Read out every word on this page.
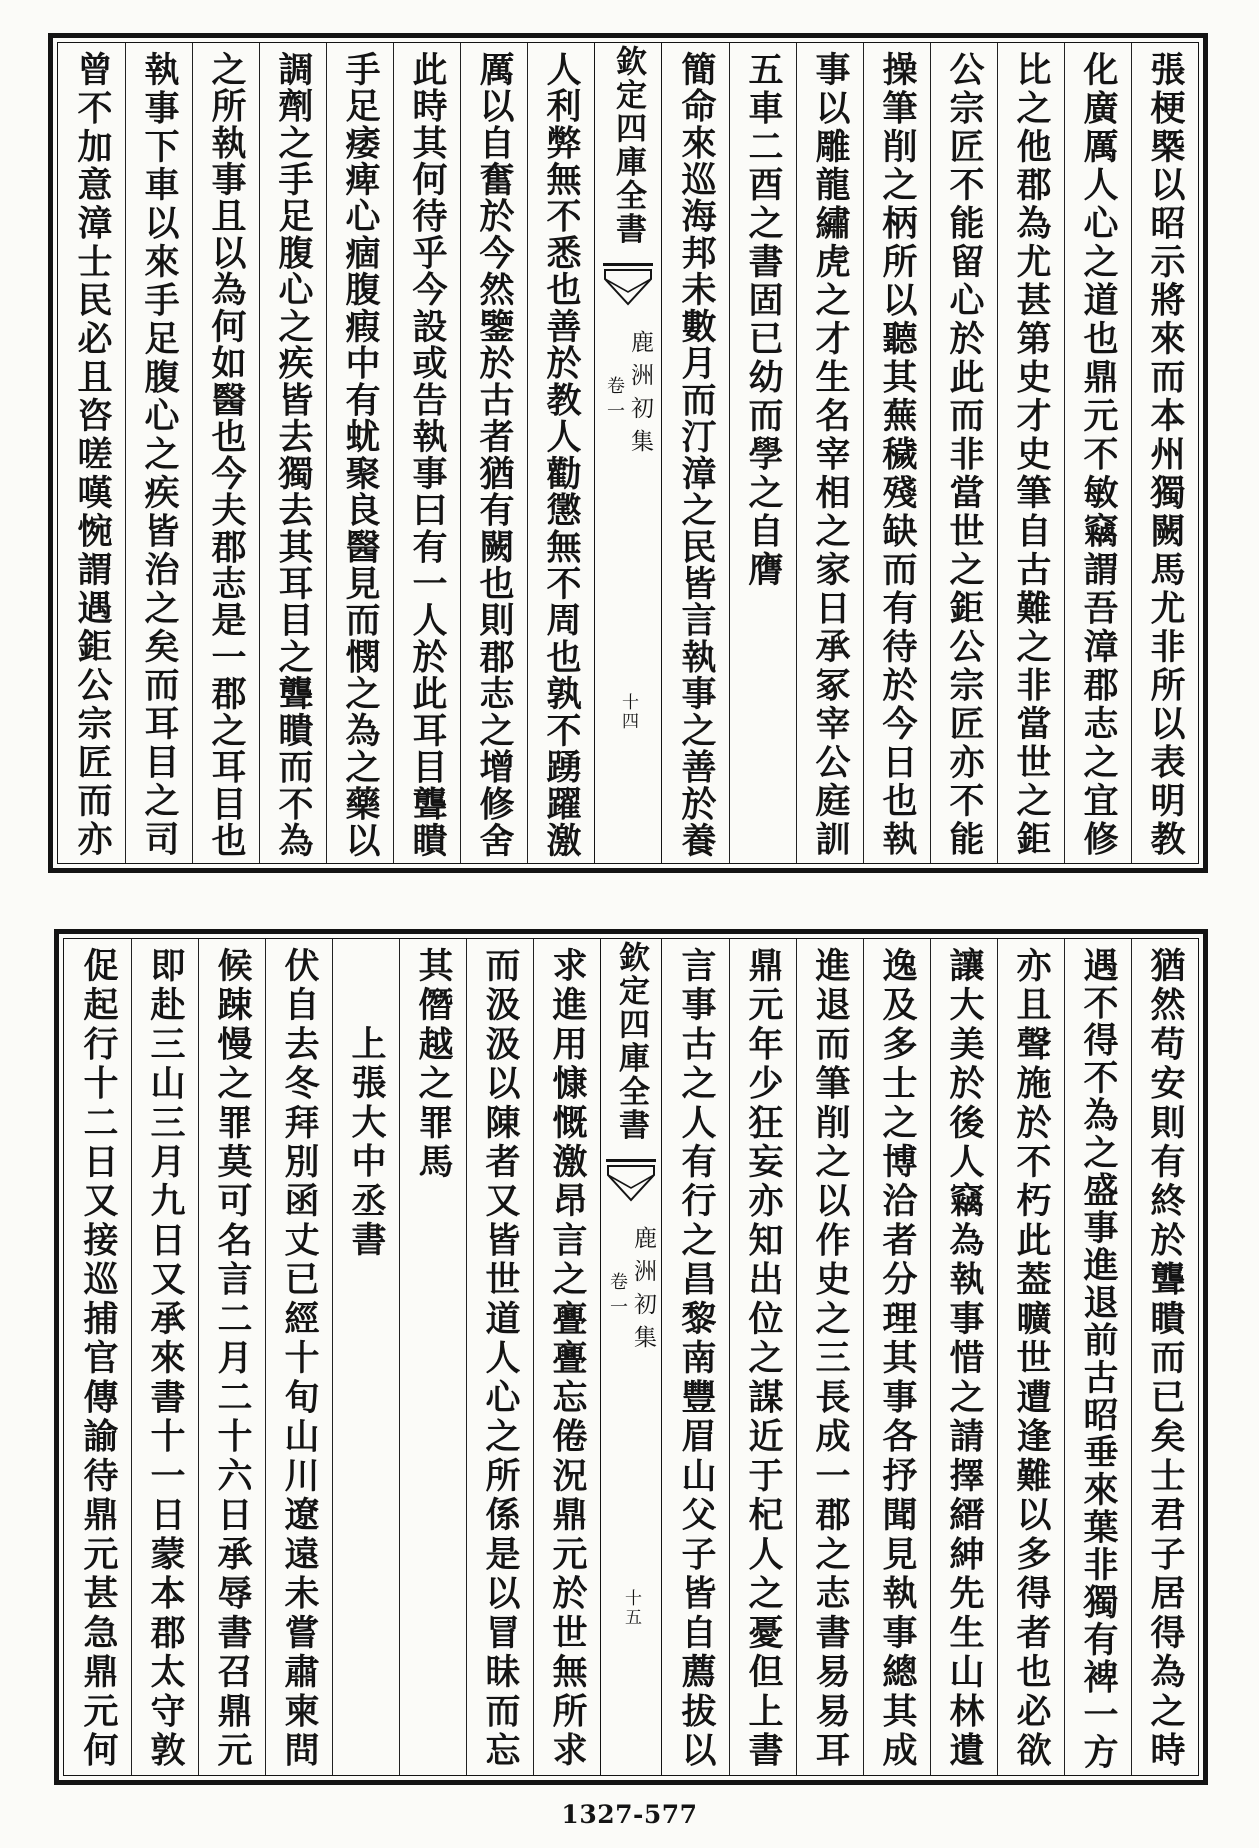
張梗槩以昭示將來而本州獨闕馬尤非所以表明教
化廣厲人心之道也鼎元不敏竊謂吾漳郡志之宜修
比之他郡為尤甚第史才史筆自古難之非當世之鉅
公宗匠不能留心於此而非當世之鉅公宗匠亦不能
操筆削之柄所以聽其蕪穢殘缺而有待於今日也執
事以雕龍繡虎之才生名宰相之家日承冢宰公庭訓
五車二酉之書固已幼而學之自膺
簡命來巡海邦未數月而汀漳之民皆言執事之善於養
欽定四庫全書
鹿洲初集
卷一
十四
人利弊無不悉也善於教人勸懲無不周也孰不踴躍激
厲以自奮於今然鑒於古者猶有闕也則郡志之增修舍
此時其何待乎今設或告執事曰有一人於此耳目聾瞶
手足痿痺心痼腹瘕中有蚘聚良醫見而憫之為之藥以
調劑之手足腹心之疾皆去獨去其耳目之聾瞶而不為
之所執事且以為何如醫也今夫郡志是一郡之耳目也
執事下車以來手足腹心之疾皆治之矣而耳目之司
曾不加意漳士民必且咨嗟嘆惋謂遇鉅公宗匠而亦
猶然苟安則有終於聾瞶而已矣士君子居得為之時
遇不得不為之盛事進退前古昭垂來葉非獨有裨一方
亦且聲施於不朽此葢曠世遭逢難以多得者也必欲
讓大美於後人竊為執事惜之請擇縉紳先生山林遺
逸及多士之博洽者分理其事各抒聞見執事總其成
進退而筆削之以作史之三長成一郡之志書易易耳
鼎元年少狂妄亦知出位之謀近于杞人之憂但上書
言事古之人有行之昌黎南豐眉山父子皆自薦拔以
欽定四庫全書
鹿洲初集
卷一
十五
求進用慷慨激昂言之亹亹忘倦況鼎元於世無所求
而汲汲以陳者又皆世道人心之所係是以冒昧而忘
其僭越之罪馬
上張大中丞書
伏自去冬拜別函丈已經十旬山川遼遠未嘗肅柬問
候踈慢之罪莫可名言二月二十六日承辱書召鼎元
即赴三山三月九日又承來書十一日蒙本郡太守敦
促起行十二日又接巡捕官傳諭待鼎元甚急鼎元何
1327-577
